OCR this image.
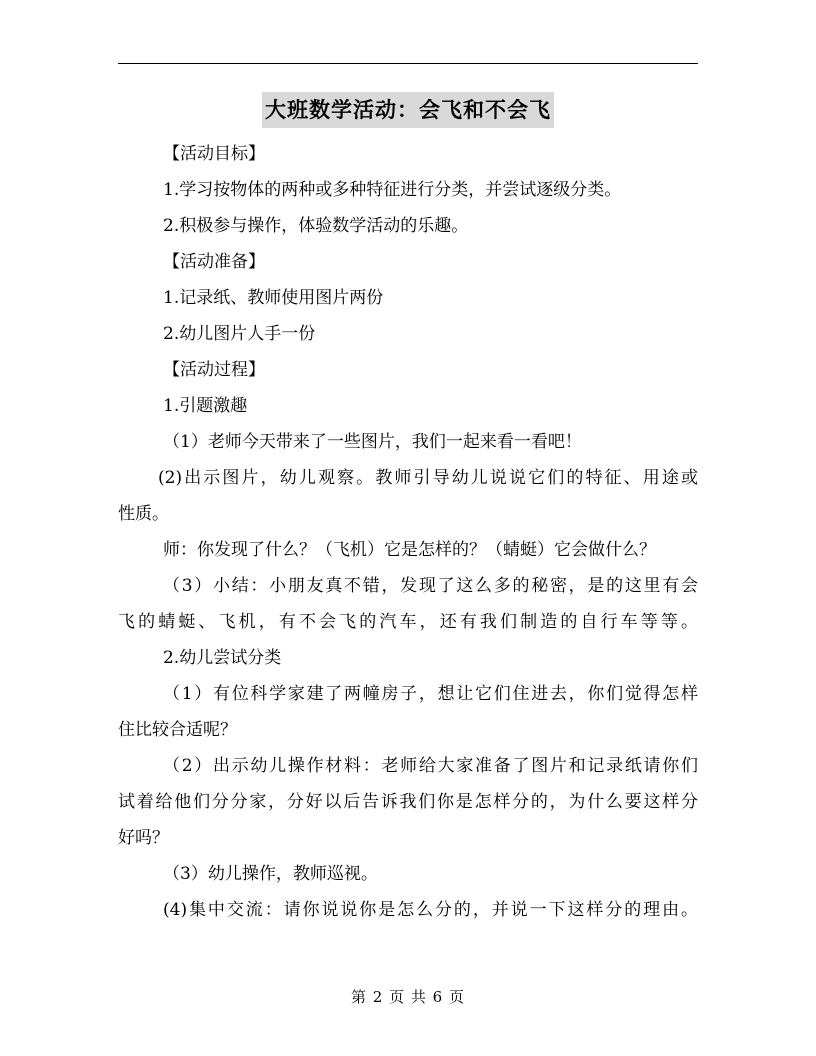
大班数学活动：会飞和不会飞
【活动目标】
1.学习按物体的两种或多种特征进行分类，并尝试逐级分类。
2.积极参与操作，体验数学活动的乐趣。
【活动准备】
1.记录纸、教师使用图片两份
2.幼儿图片人手一份
【活动过程】
1.引题激趣
（1）老师今天带来了一些图片，我们一起来看一看吧！
(2)出示图片，幼儿观察。教师引导幼儿说说它们的特征、用途或
性质。
师：你发现了什么？（飞机）它是怎样的？（蜻蜓）它会做什么？
（3）小结：小朋友真不错，发现了这么多的秘密，是的这里有会
飞的蜻蜓、飞机，有不会飞的汽车，还有我们制造的自行车等等。
2.幼儿尝试分类
（1）有位科学家建了两幢房子，想让它们住进去，你们觉得怎样
住比较合适呢？
（2）出示幼儿操作材料：老师给大家准备了图片和记录纸请你们
试着给他们分分家，分好以后告诉我们你是怎样分的，为什么要这样分
好吗？
（3）幼儿操作，教师巡视。
(4)集中交流：请你说说你是怎么分的，并说一下这样分的理由。
第 2 页 共 6 页
